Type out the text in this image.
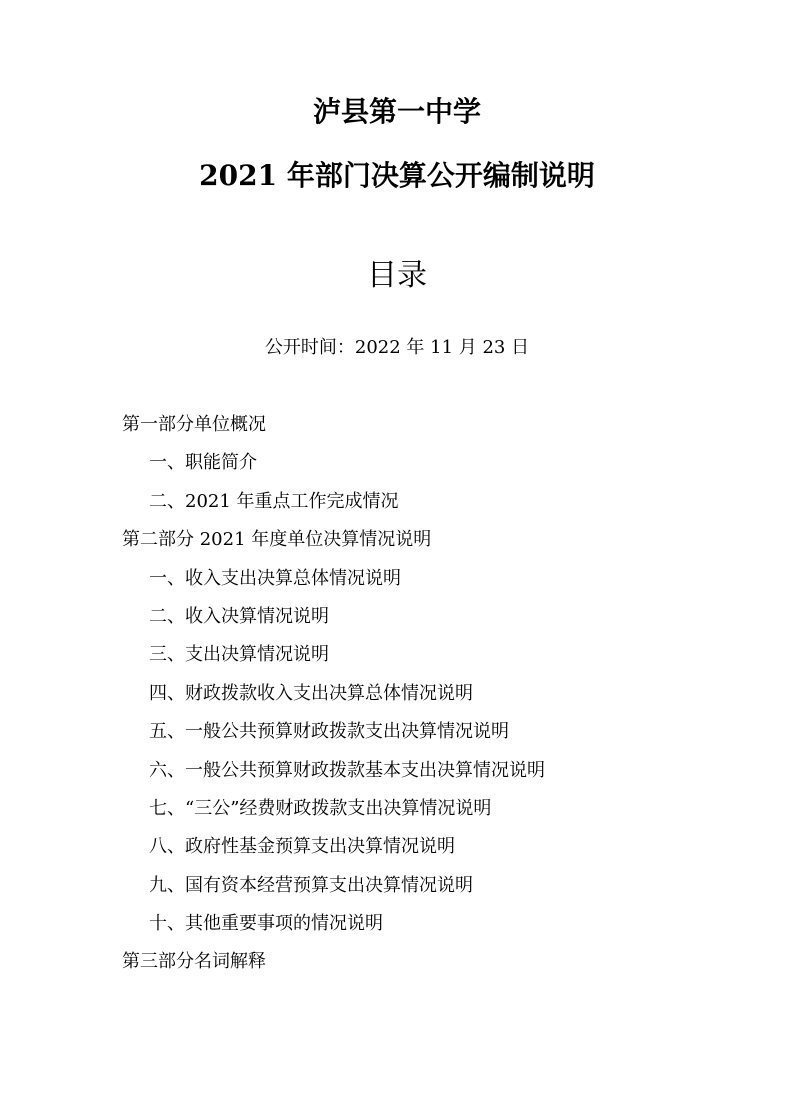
泸县第一中学
2021 年部门决算公开编制说明
目录
公开时间：2022 年 11 月 23 日
第一部分单位概况
一、职能简介
二、2021 年重点工作完成情况
第二部分 2021 年度单位决算情况说明
一、收入支出决算总体情况说明
二、收入决算情况说明
三、支出决算情况说明
四、财政拨款收入支出决算总体情况说明
五、一般公共预算财政拨款支出决算情况说明
六、一般公共预算财政拨款基本支出决算情况说明
七、“三公”经费财政拨款支出决算情况说明
八、政府性基金预算支出决算情况说明
九、国有资本经营预算支出决算情况说明
十、其他重要事项的情况说明
第三部分名词解释
